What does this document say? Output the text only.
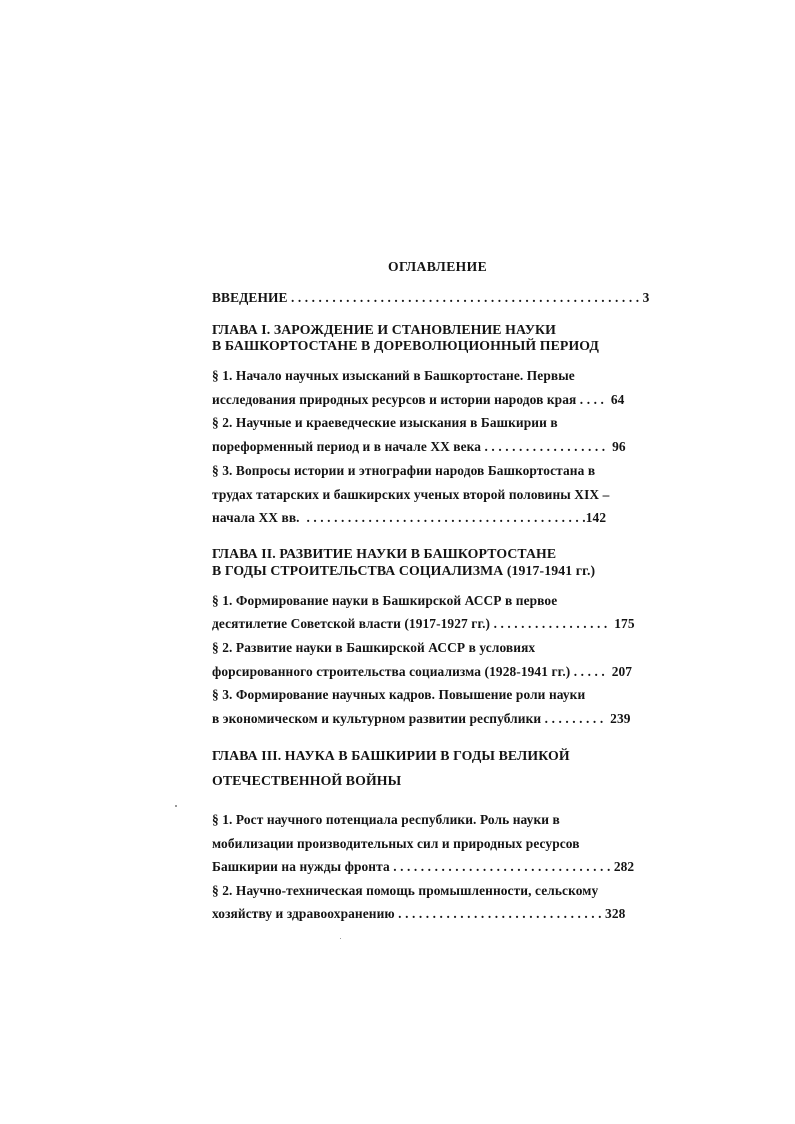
ОГЛАВЛЕНИЕ
ВВЕДЕНИЕ . . . . . . . . . . . . . . . . . . . . . . . . . . . . . . . . . . . . . . . . . . . . . . . . . . . 3
ГЛАВА I. ЗАРОЖДЕНИЕ И СТАНОВЛЕНИЕ НАУКИ
В БАШКОРТОСТАНЕ В ДОРЕВОЛЮЦИОННЫЙ ПЕРИОД
§ 1. Начало научных изысканий в Башкортостане. Первые
исследования природных ресурсов и истории народов края . . . .  64
§ 2. Научные и краеведческие изыскания в Башкирии в
пореформенный период и в начале XX века . . . . . . . . . . . . . . . . . .  96
§ 3. Вопросы истории и этнографии народов Башкортостана в
трудах татарских и башкирских ученых второй половины XIX –
начала XX вв.  . . . . . . . . . . . . . . . . . . . . . . . . . . . . . . . . . . . . . . . . .142
ГЛАВА II. РАЗВИТИЕ НАУКИ В БАШКОРТОСТАНЕ
В ГОДЫ СТРОИТЕЛЬСТВА СОЦИАЛИЗМА (1917-1941 гг.)
§ 1. Формирование науки в Башкирской АССР в первое
десятилетие Советской власти (1917-1927 гг.) . . . . . . . . . . . . . . . . .  175
§ 2. Развитие науки в Башкирской АССР в условиях
форсированного строительства социализма (1928-1941 гг.) . . . . .  207
§ 3. Формирование научных кадров. Повышение роли науки
в экономическом и культурном развитии республики . . . . . . . . .  239
ГЛАВА III. НАУКА В БАШКИРИИ В ГОДЫ ВЕЛИКОЙ
ОТЕЧЕСТВЕННОЙ ВОЙНЫ
§ 1. Рост научного потенциала республики. Роль науки в
мобилизации производительных сил и природных ресурсов
Башкирии на нужды фронта . . . . . . . . . . . . . . . . . . . . . . . . . . . . . . . . 282
§ 2. Научно-техническая помощь промышленности, сельскому
хозяйству и здравоохранению . . . . . . . . . . . . . . . . . . . . . . . . . . . . . . 328
